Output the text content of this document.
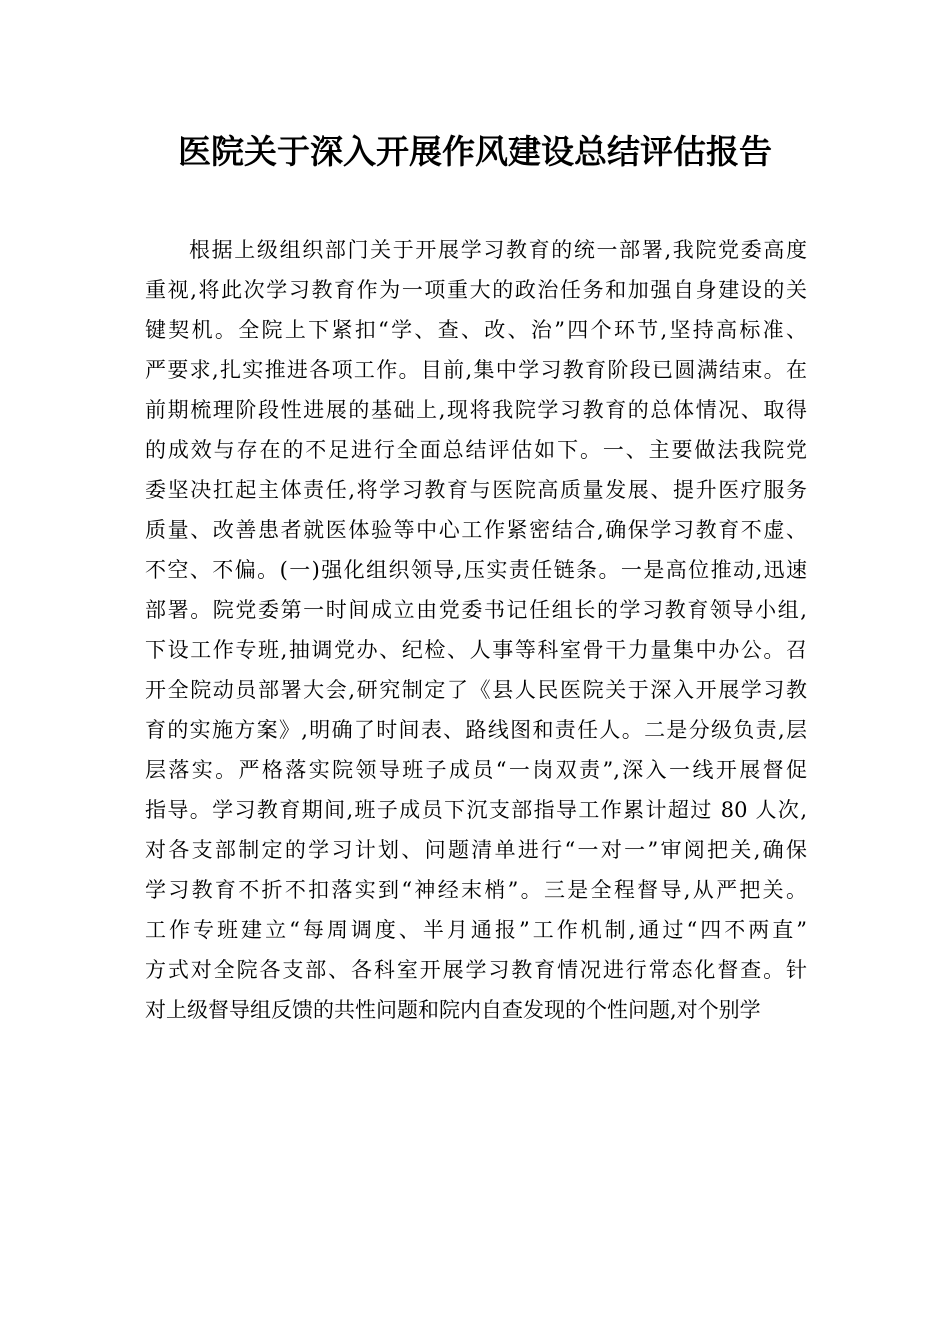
医院关于深入开展作风建设总结评估报告
根据上级组织部门关于开展学习教育的统一部署,我院党委高度
重视,将此次学习教育作为一项重大的政治任务和加强自身建设的关
键契机。全院上下紧扣“学、查、改、治”四个环节,坚持高标准、
严要求,扎实推进各项工作。目前,集中学习教育阶段已圆满结束。在
前期梳理阶段性进展的基础上,现将我院学习教育的总体情况、取得
的成效与存在的不足进行全面总结评估如下。一、主要做法我院党
委坚决扛起主体责任,将学习教育与医院高质量发展、提升医疗服务
质量、改善患者就医体验等中心工作紧密结合,确保学习教育不虚、
不空、不偏。(一)强化组织领导,压实责任链条。一是高位推动,迅速
部署。院党委第一时间成立由党委书记任组长的学习教育领导小组,
下设工作专班,抽调党办、纪检、人事等科室骨干力量集中办公。召
开全院动员部署大会,研究制定了《县人民医院关于深入开展学习教
育的实施方案》,明确了时间表、路线图和责任人。二是分级负责,层
层落实。严格落实院领导班子成员“一岗双责”,深入一线开展督促
指导。学习教育期间,班子成员下沉支部指导工作累计超过 80 人次,
对各支部制定的学习计划、问题清单进行“一对一”审阅把关,确保
学习教育不折不扣落实到“神经末梢”。三是全程督导,从严把关。
工作专班建立“每周调度、半月通报”工作机制,通过“四不两直”
方式对全院各支部、各科室开展学习教育情况进行常态化督查。针
对上级督导组反馈的共性问题和院内自查发现的个性问题,对个别学
